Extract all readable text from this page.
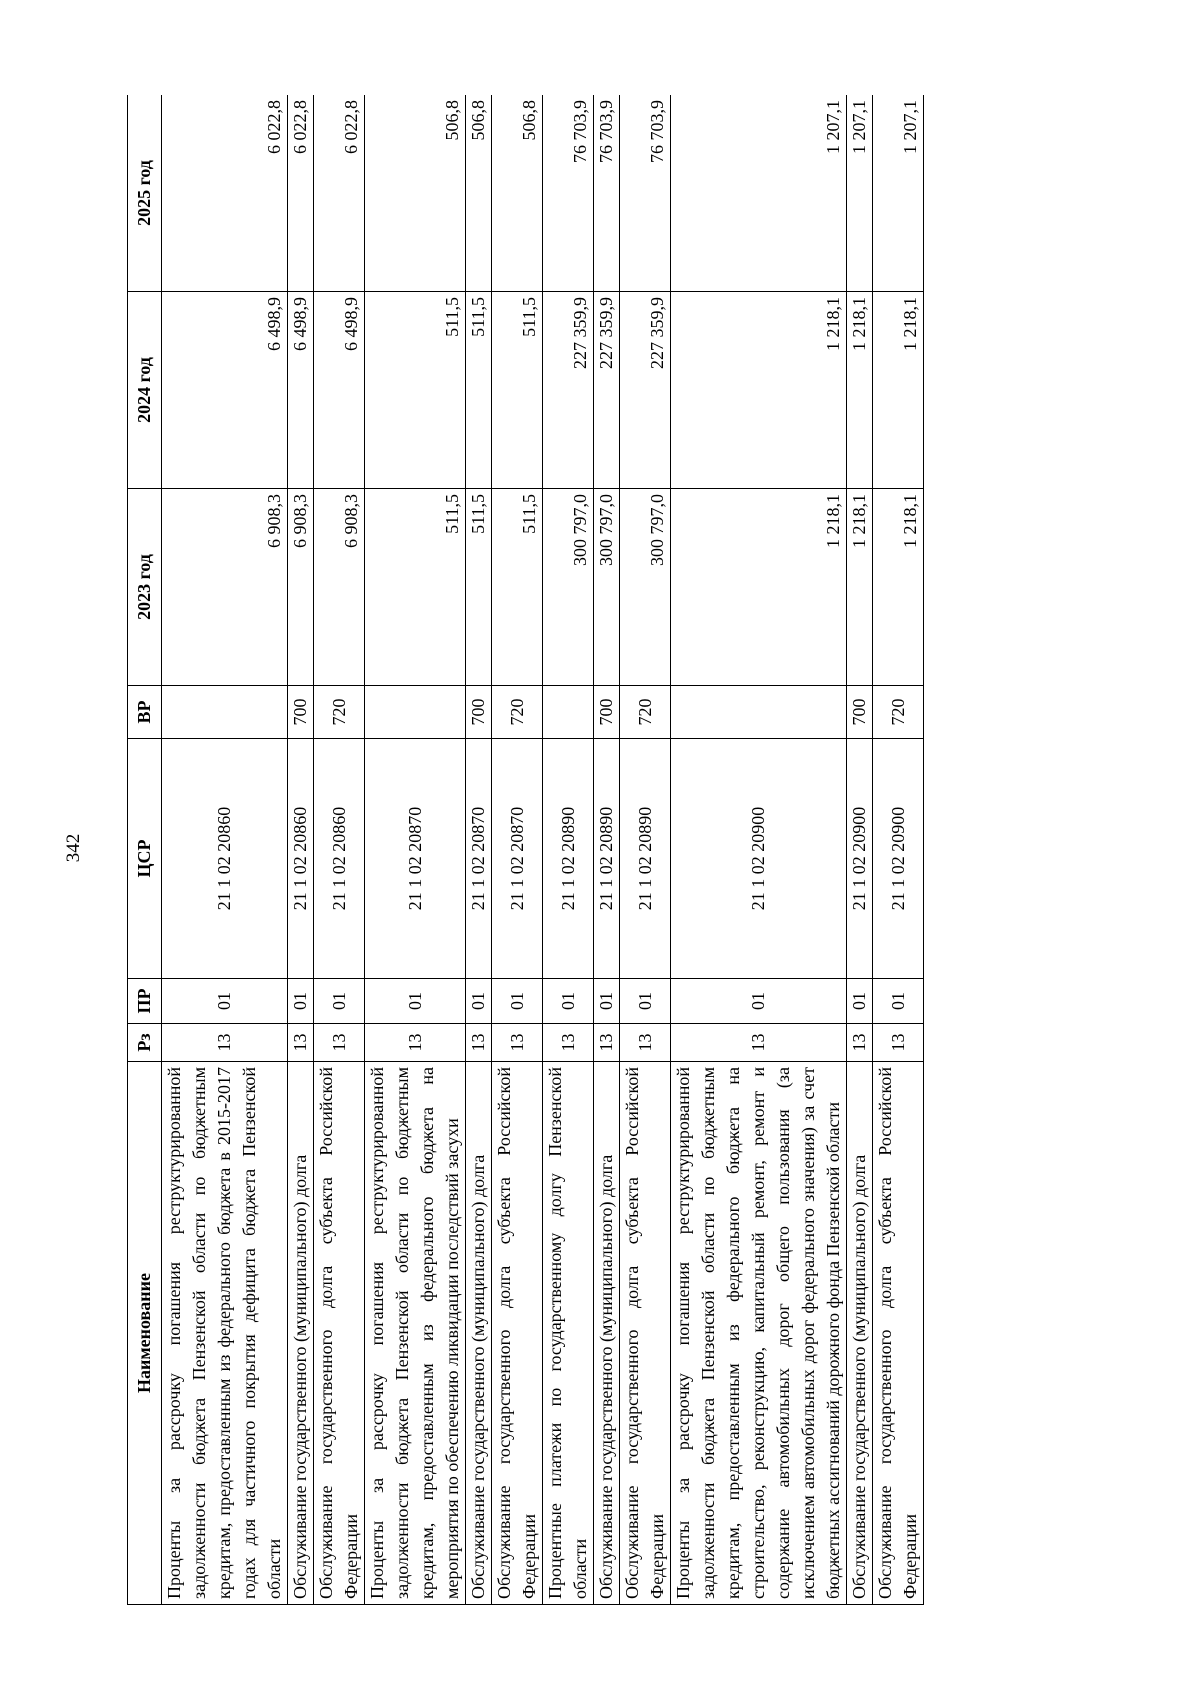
342
Наименование	Рз	ПР	ЦСР	ВР	2023 год	2024 год	2025 год
Проценты за рассрочку погашения реструктурированной задолженности бюджета Пензенской области по бюджетным кредитам, предоставленным из федерального бюджета в 2015-2017 годах для частичного покрытия дефицита бюджета Пензенской области	13	01	21 1 02 20860		6 908,3	6 498,9	6 022,8
Обслуживание государственного (муниципального) долга	13	01	21 1 02 20860	700	6 908,3	6 498,9	6 022,8
Обслуживание государственного долга субъекта Российской Федерации	13	01	21 1 02 20860	720	6 908,3	6 498,9	6 022,8
Проценты за рассрочку погашения реструктурированной задолженности бюджета Пензенской области по бюджетным кредитам, предоставленным из федерального бюджета на мероприятия по обеспечению ликвидации последствий засухи	13	01	21 1 02 20870		511,5	511,5	506,8
Обслуживание государственного (муниципального) долга	13	01	21 1 02 20870	700	511,5	511,5	506,8
Обслуживание государственного долга субъекта Российской Федерации	13	01	21 1 02 20870	720	511,5	511,5	506,8
Процентные платежи по государственному долгу Пензенской области	13	01	21 1 02 20890		300 797,0	227 359,9	76 703,9
Обслуживание государственного (муниципального) долга	13	01	21 1 02 20890	700	300 797,0	227 359,9	76 703,9
Обслуживание государственного долга субъекта Российской Федерации	13	01	21 1 02 20890	720	300 797,0	227 359,9	76 703,9
Проценты за рассрочку погашения реструктурированной задолженности бюджета Пензенской области по бюджетным кредитам, предоставленным из федерального бюджета на строительство, реконструкцию, капитальный ремонт, ремонт и содержание автомобильных дорог общего пользования (за исключением автомобильных дорог федерального значения) за счет бюджетных ассигнований дорожного фонда Пензенской области	13	01	21 1 02 20900		1 218,1	1 218,1	1 207,1
Обслуживание государственного (муниципального) долга	13	01	21 1 02 20900	700	1 218,1	1 218,1	1 207,1
Обслуживание государственного долга субъекта Российской Федерации	13	01	21 1 02 20900	720	1 218,1	1 218,1	1 207,1
